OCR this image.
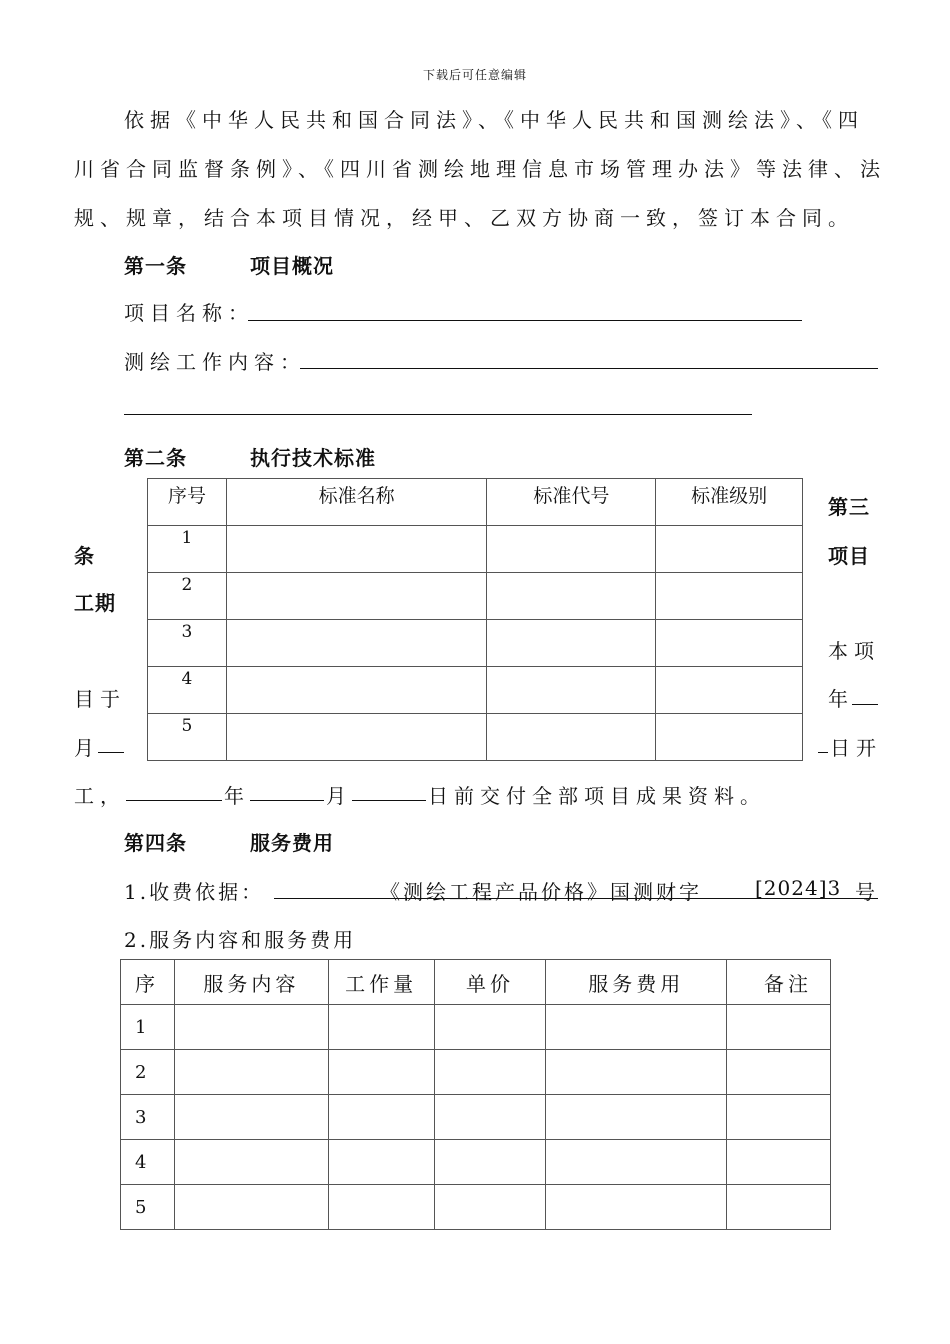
下载后可任意编辑
依据《中华人民共和国合同法》、《中华人民共和国测绘法》、《四
川省合同监督条例》、《四川省测绘地理信息市场管理办法》等法律、法
规、规章，结合本项目情况，经甲、乙双方协商一致，签订本合同。
第一条	项目概况
项目名称：
测绘工作内容：
第二条	执行技术标准
序号	标准名称	标准代号	标准级别
1			
2			
3			
4			
5			
条
工期
目于
月
第三
项目
本项
年
日开
工，	年	月	日前交付全部项目成果资料。
第四条	服务费用
1.收费依据：	《测绘工程产品价格》国测财字	[2024]3 号
2.服务内容和服务费用
序	服务内容	工作量	单价	服务费用	备注
1					
2					
3					
4					
5					
